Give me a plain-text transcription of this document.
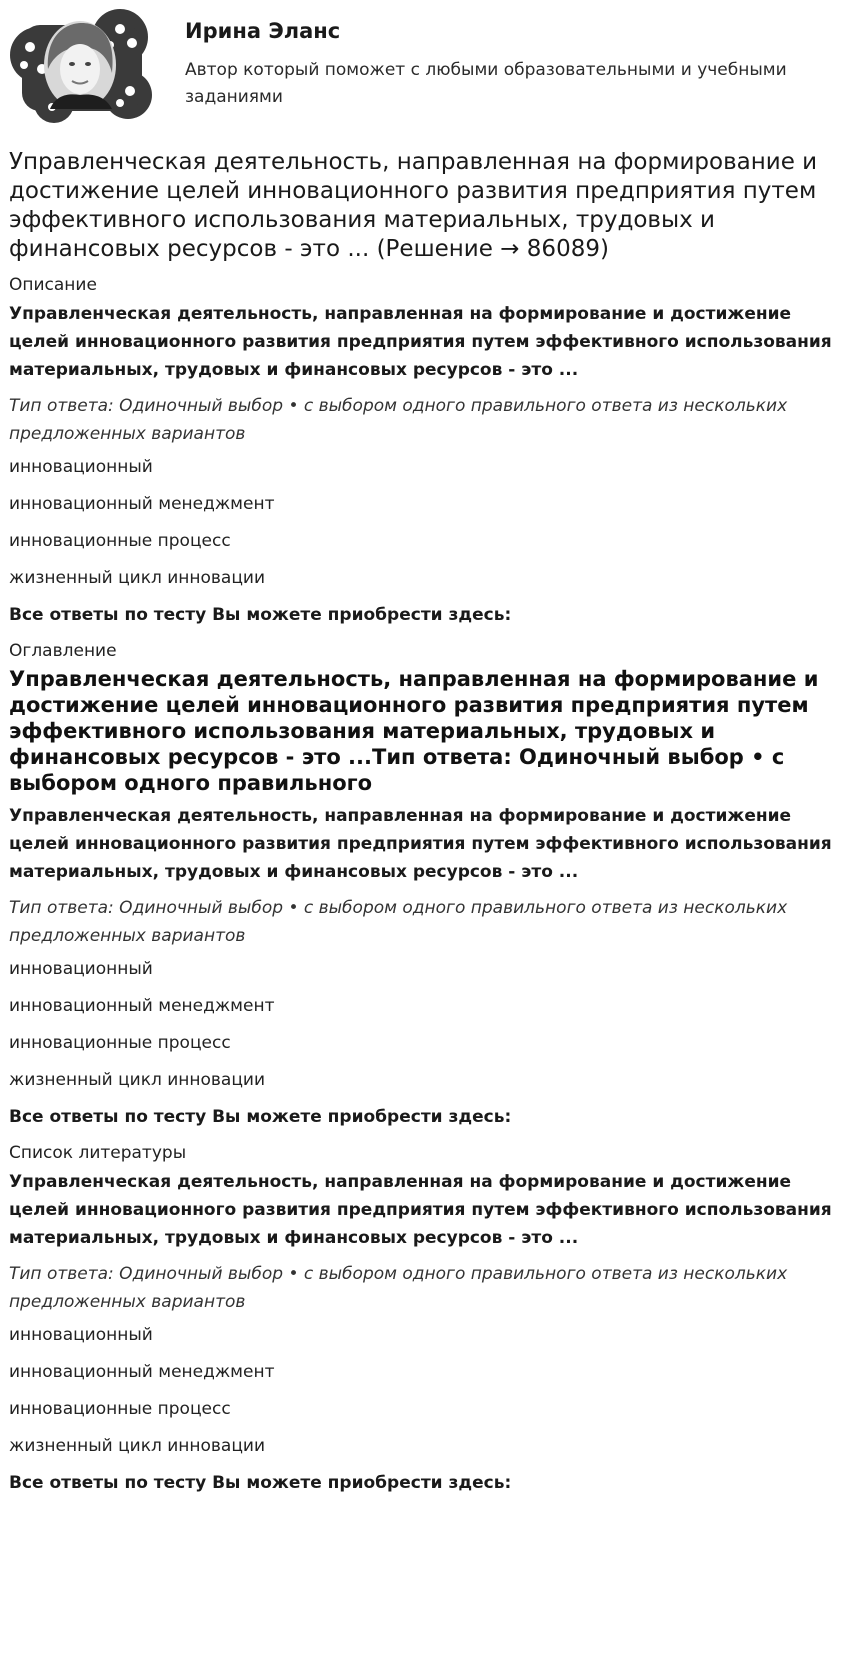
Ирина Эланс

Автор который поможет с любыми образовательными и учебными заданиями

Управленческая деятельность, направленная на формирование и достижение целей инновационного развития предприятия путем эффективного использования материальных, трудовых и финансовых ресурсов - это ... (Решение → 86089)
Описание
Управленческая деятельность, направленная на формирование и достижение целей инновационного развития предприятия путем эффективного использования материальных, трудовых и финансовых ресурсов - это ...
Тип ответа: Одиночный выбор • с выбором одного правильного ответа из нескольких предложенных вариантов
инновационный
инновационный менеджмент
инновационные процесс
жизненный цикл инновации
Все ответы по тесту Вы можете приобрести здесь:
Оглавление
Управленческая деятельность, направленная на формирование и достижение целей инновационного развития предприятия путем эффективного использования материальных, трудовых и финансовых ресурсов - это ...Тип ответа: Одиночный выбор • с выбором одного правильного
Управленческая деятельность, направленная на формирование и достижение целей инновационного развития предприятия путем эффективного использования материальных, трудовых и финансовых ресурсов - это ...
Тип ответа: Одиночный выбор • с выбором одного правильного ответа из нескольких предложенных вариантов
инновационный
инновационный менеджмент
инновационные процесс
жизненный цикл инновации
Все ответы по тесту Вы можете приобрести здесь:
Список литературы
Управленческая деятельность, направленная на формирование и достижение целей инновационного развития предприятия путем эффективного использования материальных, трудовых и финансовых ресурсов - это ...
Тип ответа: Одиночный выбор • с выбором одного правильного ответа из нескольких предложенных вариантов
инновационный
инновационный менеджмент
инновационные процесс
жизненный цикл инновации
Все ответы по тесту Вы можете приобрести здесь:
